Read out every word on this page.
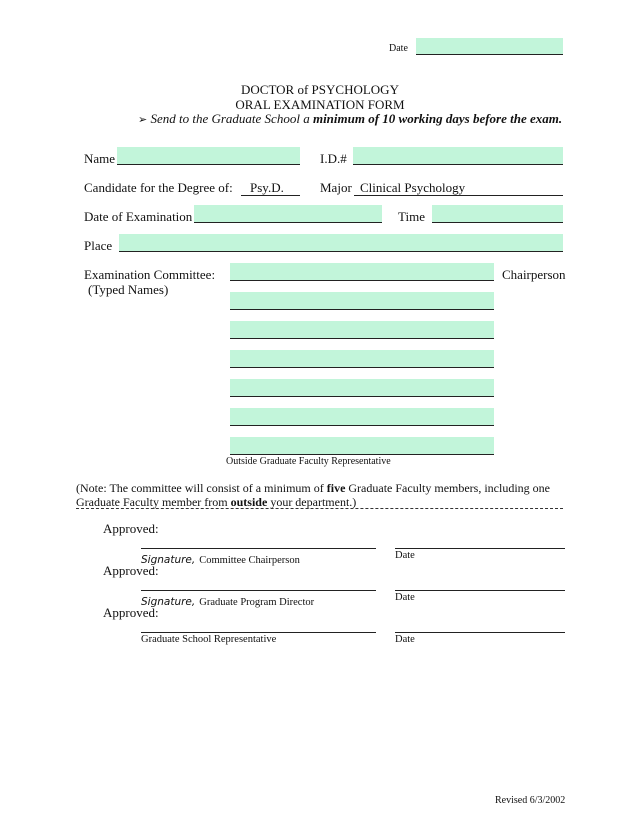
Date
DOCTOR of PSYCHOLOGY
ORAL EXAMINATION FORM
➢ Send to the Graduate School a minimum of 10 working days before the exam.
Name	I.D.#
Candidate for the Degree of: Psy.D.	Major Clinical Psychology
Date of Examination	Time
Place
Examination Committee:
(Typed Names)
Chairperson
Outside Graduate Faculty Representative
(Note: The committee will consist of a minimum of five Graduate Faculty members, including one
Graduate Faculty member from outside your department.)
Approved:
Signature, Committee Chairperson	Date
Approved:
Signature, Graduate Program Director	Date
Approved:
Graduate School Representative	Date
Revised 6/3/2002
